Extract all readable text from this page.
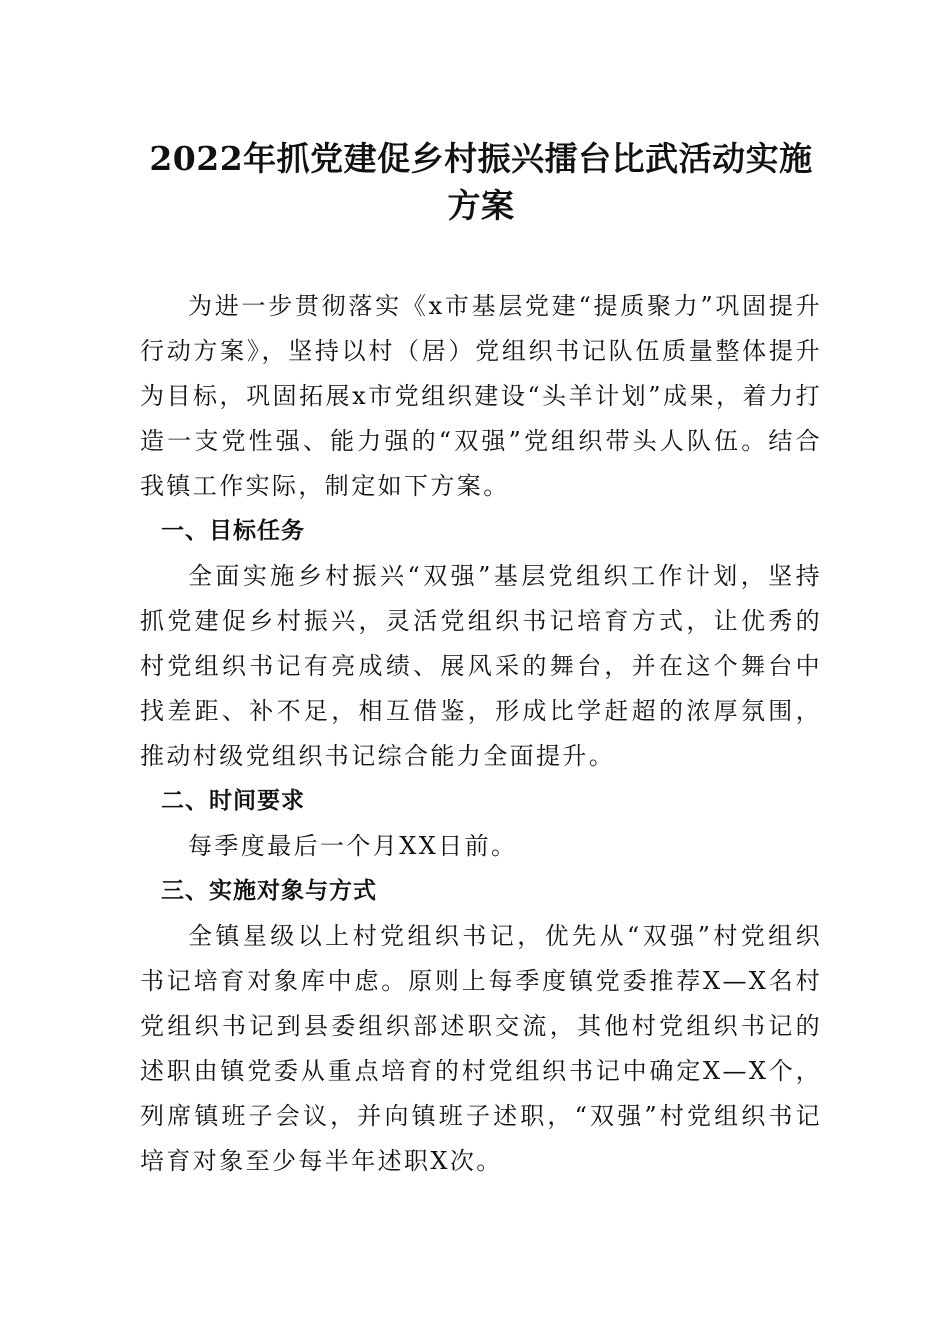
2022年抓党建促乡村振兴擂台比武活动实施
方案

为进一步贯彻落实《x市基层党建“提质聚力”巩固提升行动方案》，坚持以村（居）党组织书记队伍质量整体提升为目标，巩固拓展x市党组织建设“头羊计划”成果，着力打造一支党性强、能力强的“双强”党组织带头人队伍。结合我镇工作实际，制定如下方案。

一、目标任务

全面实施乡村振兴“双强”基层党组织工作计划，坚持抓党建促乡村振兴，灵活党组织书记培育方式，让优秀的村党组织书记有亮成绩、展风采的舞台，并在这个舞台中找差距、补不足，相互借鉴，形成比学赶超的浓厚氛围，推动村级党组织书记综合能力全面提升。

二、时间要求

每季度最后一个月XX日前。

三、实施对象与方式

全镇星级以上村党组织书记，优先从“双强”村党组织书记培育对象库中虑。原则上每季度镇党委推荐X—X名村党组织书记到县委组织部述职交流，其他村党组织书记的述职由镇党委从重点培育的村党组织书记中确定X—X个，列席镇班子会议，并向镇班子述职，“双强”村党组织书记培育对象至少每半年述职X次。
